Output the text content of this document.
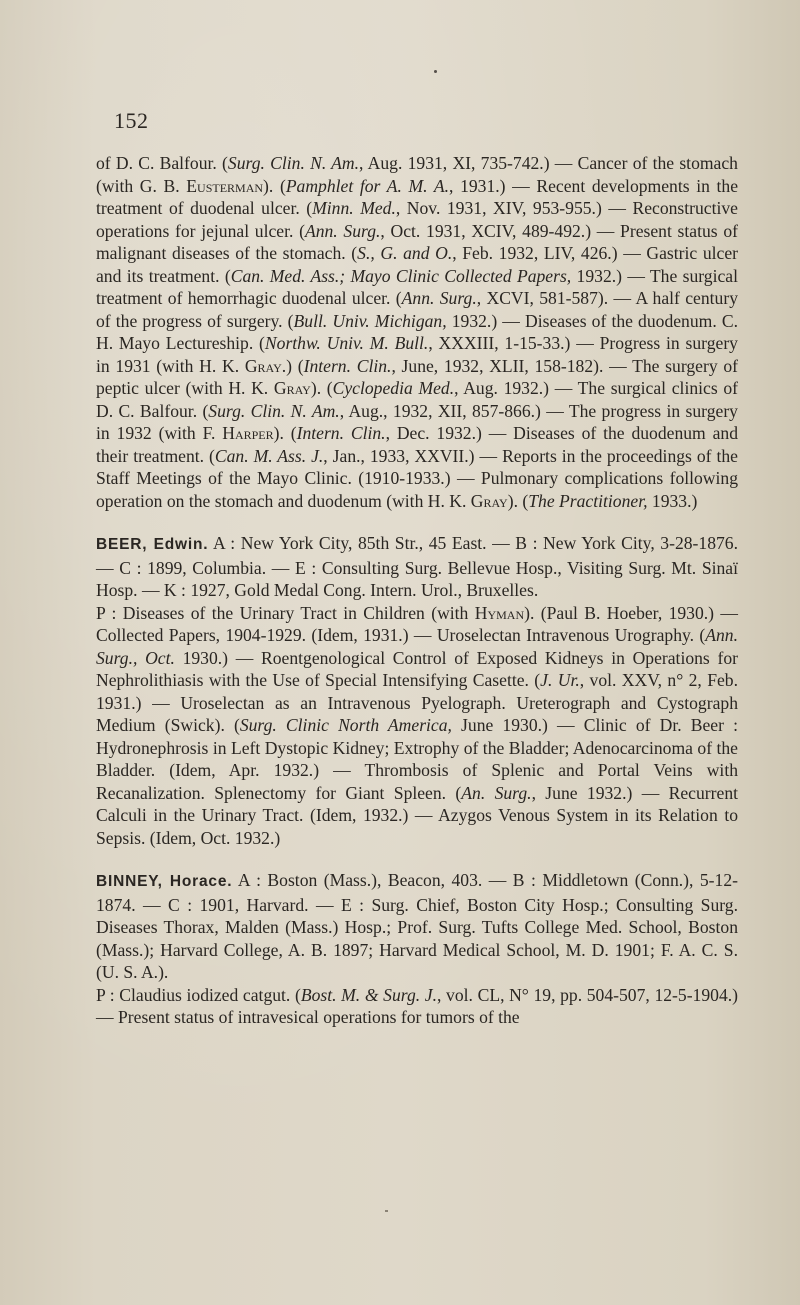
152

of D. C. Balfour. (Surg. Clin. N. Am., Aug. 1931, XI, 735-742.) — Cancer of the stomach (with G. B. Eusterman). (Pamphlet for A. M. A., 1931.) — Recent developments in the treatment of duodenal ulcer. (Minn. Med., Nov. 1931, XIV, 953-955.) — Reconstructive operations for jejunal ulcer. (Ann. Surg., Oct. 1931, XCIV, 489-492.) — Present status of malignant diseases of the stomach. (S., G. and O., Feb. 1932, LIV, 426.) — Gastric ulcer and its treatment. (Can. Med. Ass.; Mayo Clinic Collected Papers, 1932.) — The surgical treatment of hemorrhagic duodenal ulcer. (Ann. Surg., XCVI, 581-587). — A half century of the progress of surgery. (Bull. Univ. Michigan, 1932.) — Diseases of the duodenum. C. H. Mayo Lectureship. (Northw. Univ. M. Bull., XXXIII, 1-15-33.) — Progress in surgery in 1931 (with H. K. Gray.) (Intern. Clin., June, 1932, XLII, 158-182). — The surgery of peptic ulcer (with H. K. Gray). (Cyclopedia Med., Aug. 1932.) — The surgical clinics of D. C. Balfour. (Surg. Clin. N. Am., Aug., 1932, XII, 857-866.) — The progress in surgery in 1932 (with F. Harper). (Intern. Clin., Dec. 1932.) — Diseases of the duodenum and their treatment. (Can. M. Ass. J., Jan., 1933, XXVII.) — Reports in the proceedings of the Staff Meetings of the Mayo Clinic. (1910-1933.) — Pulmonary complications following operation on the stomach and duodenum (with H. K. Gray). (The Practitioner, 1933.)

BEER, Edwin. A : New York City, 85th Str., 45 East. — B : New York City, 3-28-1876. — C : 1899, Columbia. — E : Consulting Surg. Bellevue Hosp., Visiting Surg. Mt. Sinaï Hosp. — K : 1927, Gold Medal Cong. Intern. Urol., Bruxelles.

P : Diseases of the Urinary Tract in Children (with Hyman). (Paul B. Hoeber, 1930.) — Collected Papers, 1904-1929. (Idem, 1931.) — Uroselectan Intravenous Urography. (Ann. Surg., Oct. 1930.) — Roentgenological Control of Exposed Kidneys in Operations for Nephrolithiasis with the Use of Special Intensifying Casette. (J. Ur., vol. XXV, n° 2, Feb. 1931.) — Uroselectan as an Intravenous Pyelograph. Ureterograph and Cystograph Medium (Swick). (Surg. Clinic North America, June 1930.) — Clinic of Dr. Beer : Hydronephrosis in Left Dystopic Kidney; Extrophy of the Bladder; Adenocarcinoma of the Bladder. (Idem, Apr. 1932.) — Thrombosis of Splenic and Portal Veins with Recanalization. Splenectomy for Giant Spleen. (An. Surg., June 1932.) — Recurrent Calculi in the Urinary Tract. (Idem, 1932.) — Azygos Venous System in its Relation to Sepsis. (Idem, Oct. 1932.)

BINNEY, Horace. A : Boston (Mass.), Beacon, 403. — B : Middletown (Conn.), 5-12-1874. — C : 1901, Harvard. — E : Surg. Chief, Boston City Hosp.; Consulting Surg. Diseases Thorax, Malden (Mass.) Hosp.; Prof. Surg. Tufts College Med. School, Boston (Mass.); Harvard College, A. B. 1897; Harvard Medical School, M. D. 1901; F. A. C. S. (U. S. A.).

P : Claudius iodized catgut. (Bost. M. & Surg. J., vol. CL, N° 19, pp. 504-507, 12-5-1904.) — Present status of intravesical operations for tumors of the
